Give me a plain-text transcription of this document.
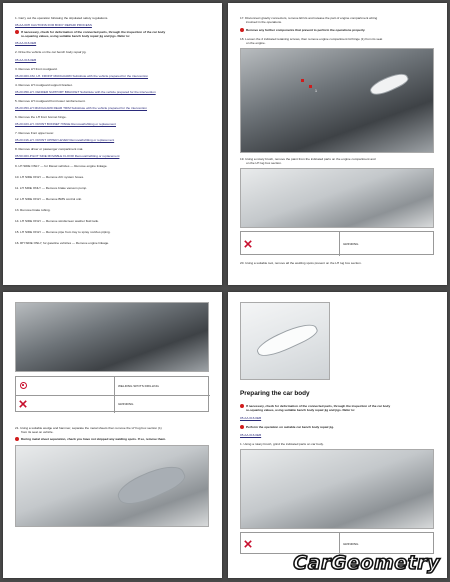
1. Carry out the operation following the stipulated safety regulations.
05.AA.00H CAUTIONS FOR BODY REPAIR PROCESS
If necessary, check for deformation of the connected parts, through the inspection of the car body
re-squaring values, using suitable bench body repair jig and jigs. Refer to:
05.AA.016.0EB
2. Drive the vehicle on the car bench body repair jig.
05.AA.016.0EB
3. Remove LH front mudguard.
05.20.003-CM, LH. FRONT MUDGUARD Substitute with the vehicle prepared for the intervention
4. Remove LH mudguard support bracket.
05.20.050-LH. FENDER SUPPORT BRACKET Substitute with the vehicle prepared for the intervention
5. Remove LH mudguard front lower reinforcement.
05.20.053-LH MUDGUARD REAR TRIM Substitute with the vehicle prepared for the intervention
6. Remove the LH front bonnet hinge.
05.20.023-LH. FRONT BONNET HINGE Removal/refitting or replacement
7. Remove front upper lever.
05.20.016-LH. FRONT UPPER LEVER Removal/refitting or replacement
8. Remove driver or passenger compartment mat.
05.50.003-PILOT SIDE MOVABLE FLOOR Removal/refitting or replacement
9. LH SIDE ONLY — for Diesel vehicles — Remove engine linkage.
10. LH SIDE ONLY — Remove A/C system hoses.
11. LH SIDE ONLY — Remove brake vacuum pump.
12. LH SIDE ONLY — Remove BMS control unit.
13. Remove brake tubing.
14. LH SIDE ONLY — Remove windscreen washer fluid tank.
15. LH SIDE ONLY — Remove pipe from tray to spray nozzles piping.
16. RH SIDE ONLY, for gasoline vehicles — Remove engine linkage.
17. Disconnect gravity connectors, remove ECUs and release the part of engine compartment wiring
involved in the operations.
Remove any further components that prevent to perform the operations properly.
18. Loosen the 2 indicated retaining screws, then remove engine compartment lid hinge (1) from its seat
on the engine.
1
19. Using a rotary brush, remove the paint from the indicated parts on the engine compartment and
on the LH lug box section.
GRINDING
20. Using a suitable tool, remove all the welding spots present on the LH lug box section.
WELDING SPOTS DRILLING
GRINDING
21. Using a suitable wedge and hammer, separate the metal sheets then remove the LH lug box section (1)
from its seat on vehicle.
During metal sheet separation, check you have not skipped any welding spots. If so, remove them.
Preparing the car body
If necessary, check for deformation of the connected parts, through the inspection of the car body
re-squaring values, using suitable bench body repair jig and jigs. Refer to:
05.AA.016.0EB
Perform the operation on suitable car bench body repair jig.
05.AA.016.0EB
1. Using a rotary brush, grind the indicated parts on car body.
GRINDING
CarGeometry
